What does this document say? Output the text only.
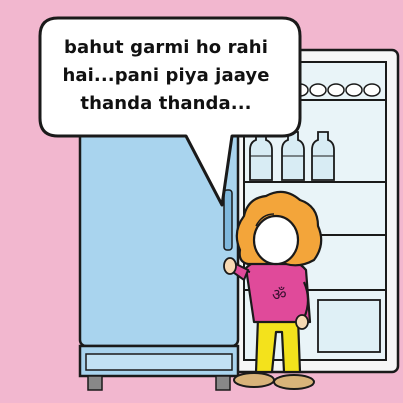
ॐ
bahut garmi ho rahi
hai...pani piya jaaye
thanda thanda...
